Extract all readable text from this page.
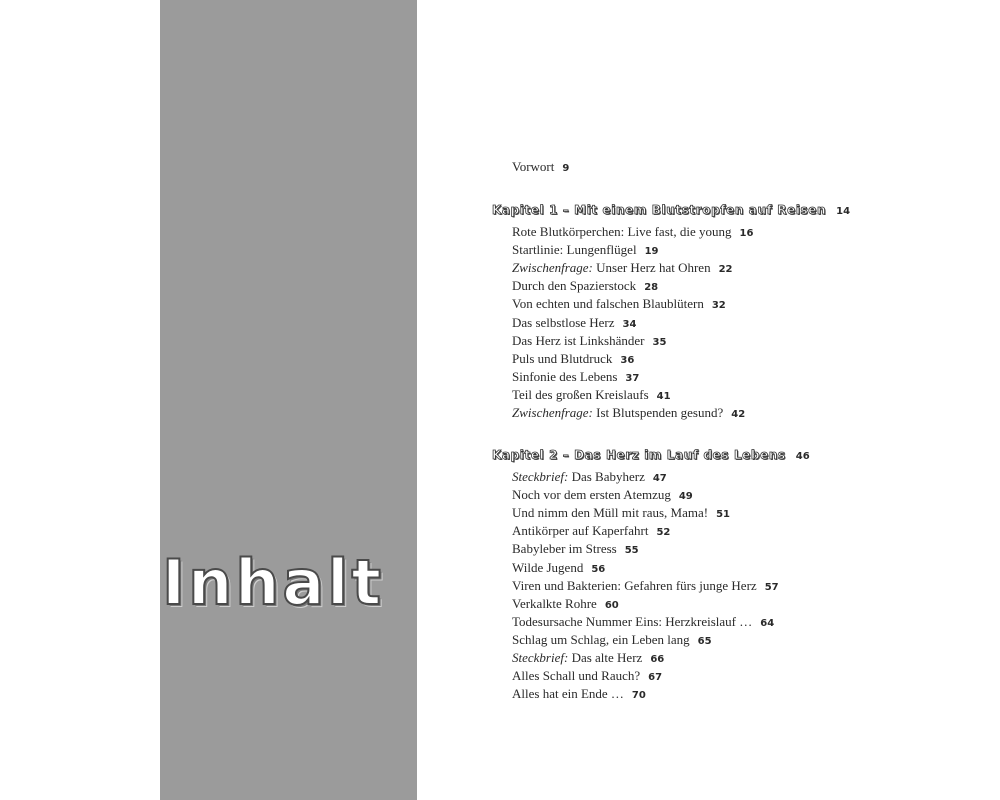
Inhalt
Vorwort 9
Kapitel 1 – Mit einem Blutstropfen auf Reisen 14
Kapitel 2 – Das Herz im Lauf des Lebens 46
Rote Blutkörperchen: Live fast, die young 16
Startlinie: Lungenflügel 19
Zwischenfrage: Unser Herz hat Ohren 22
Durch den Spazierstock 28
Von echten und falschen Blaublütern 32
Das selbstlose Herz 34
Das Herz ist Linkshänder 35
Puls und Blutdruck 36
Sinfonie des Lebens 37
Teil des großen Kreislaufs 41
Zwischenfrage: Ist Blutspenden gesund? 42
Steckbrief: Das Babyherz 47
Noch vor dem ersten Atemzug 49
Und nimm den Müll mit raus, Mama! 51
Antikörper auf Kaperfahrt 52
Babyleber im Stress 55
Wilde Jugend 56
Viren und Bakterien: Gefahren fürs junge Herz 57
Verkalkte Rohre 60
Todesursache Nummer Eins: Herzkreislauf … 64
Schlag um Schlag, ein Leben lang 65
Steckbrief: Das alte Herz 66
Alles Schall und Rauch? 67
Alles hat ein Ende … 70
